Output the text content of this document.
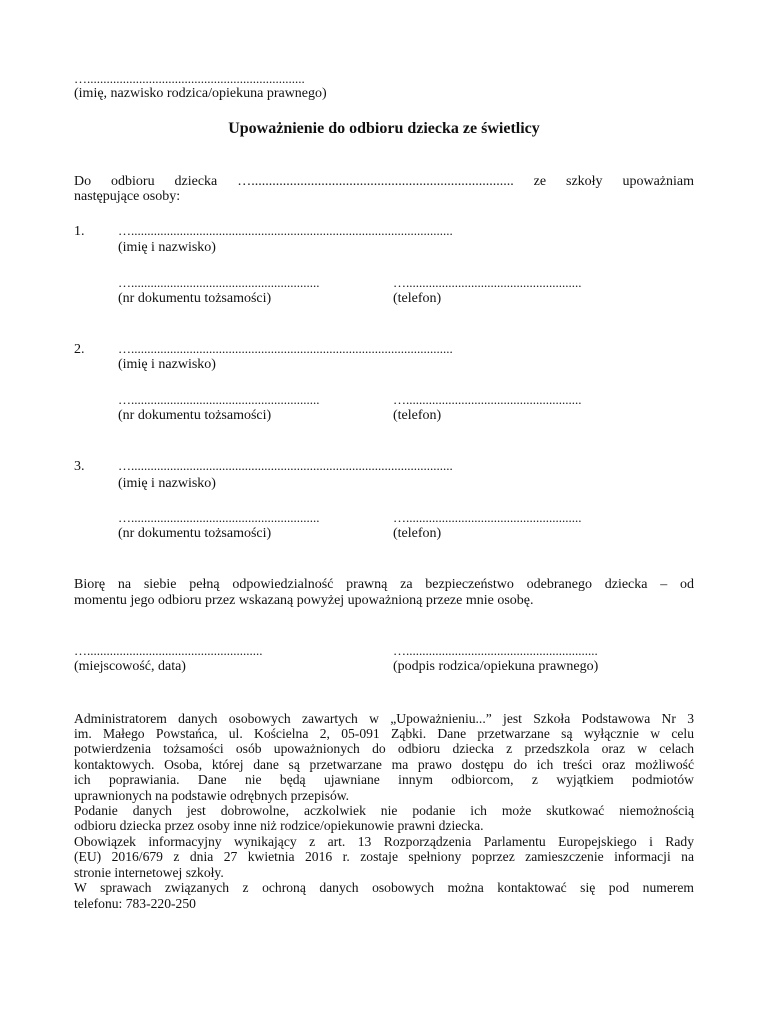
…...................................................................
(imię, nazwisko rodzica/opiekuna prawnego)
Upoważnienie do odbioru dziecka ze świetlicy
Do odbioru dziecka …........................................................................... ze szkoły upoważniam
następujące osoby:
1.	…...................................................................................................
(imię i nazwisko)
…..........................................................	…......................................................
(nr dokumentu tożsamości)	(telefon)
2.	…...................................................................................................
(imię i nazwisko)
…..........................................................	…......................................................
(nr dokumentu tożsamości)	(telefon)
3.	…...................................................................................................
(imię i nazwisko)
…..........................................................	…......................................................
(nr dokumentu tożsamości)	(telefon)
Biorę na siebie pełną odpowiedzialność prawną za bezpieczeństwo odebranego dziecka – od
momentu jego odbioru przez wskazaną powyżej upoważnioną przeze mnie osobę.
…......................................................	…...........................................................
(miejscowość, data)	(podpis rodzica/opiekuna prawnego)
Administratorem danych osobowych zawartych w „Upoważnieniu...” jest Szkoła Podstawowa Nr 3
im. Małego Powstańca, ul. Kościelna 2, 05-091 Ząbki. Dane przetwarzane są wyłącznie w celu
potwierdzenia tożsamości osób upoważnionych do odbioru dziecka z przedszkola oraz w celach
kontaktowych. Osoba, której dane są przetwarzane ma prawo dostępu do ich treści oraz możliwość
ich poprawiania. Dane nie będą ujawniane innym odbiorcom, z wyjątkiem podmiotów
uprawnionych na podstawie odrębnych przepisów.
Podanie danych jest dobrowolne, aczkolwiek nie podanie ich może skutkować niemożnością
odbioru dziecka przez osoby inne niż rodzice/opiekunowie prawni dziecka.
Obowiązek informacyjny wynikający z art. 13 Rozporządzenia Parlamentu Europejskiego i Rady
(EU) 2016/679 z dnia 27 kwietnia 2016 r. zostaje spełniony poprzez zamieszczenie informacji na
stronie internetowej szkoły.
W sprawach związanych z ochroną danych osobowych można kontaktować się pod numerem
telefonu: 783-220-250
